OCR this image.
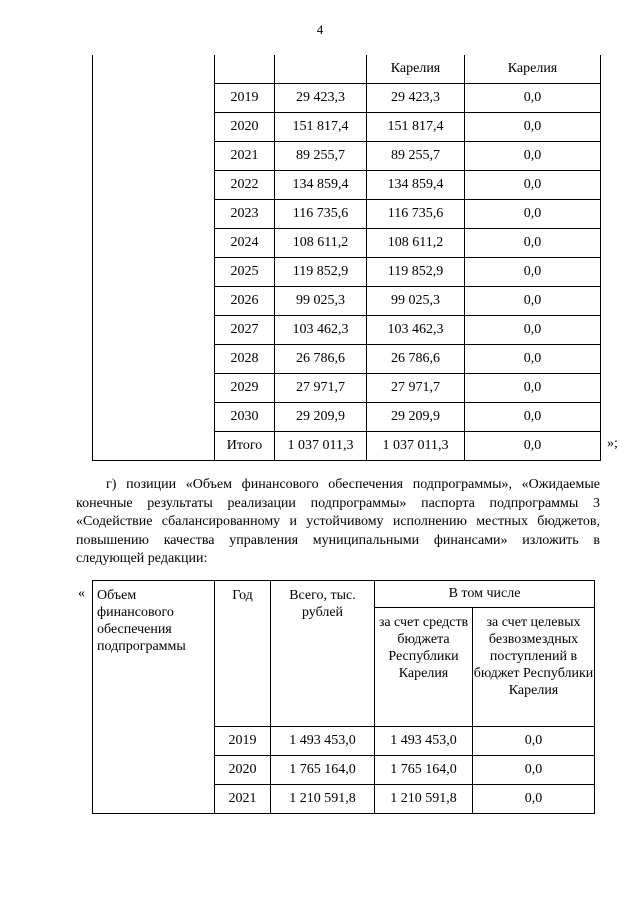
4
			Карелия	Карелия
	2019	29 423,3	29 423,3	0,0
	2020	151 817,4	151 817,4	0,0
	2021	89 255,7	89 255,7	0,0
	2022	134 859,4	134 859,4	0,0
	2023	116 735,6	116 735,6	0,0
	2024	108 611,2	108 611,2	0,0
	2025	119 852,9	119 852,9	0,0
	2026	99 025,3	99 025,3	0,0
	2027	103 462,3	103 462,3	0,0
	2028	26 786,6	26 786,6	0,0
	2029	27 971,7	27 971,7	0,0
	2030	29 209,9	29 209,9	0,0
	Итого	1 037 011,3	1 037 011,3	0,0	»;
г) позиции «Объем финансового обеспечения подпрограммы», «Ожидаемые конечные результаты реализации подпрограммы» паспорта подпрограммы 3 «Содействие сбалансированному и устойчивому исполнению местных бюджетов, повышению качества управления муниципальными финансами» изложить в следующей редакции:
« Объем финансового обеспечения подпрограммы	Год	Всего, тыс. рублей	В том числе	
			за счет средств бюджета Республики Карелия	за счет целевых безвозмездных поступлений в бюджет Республики Карелия
	2019	1 493 453,0	1 493 453,0	0,0
	2020	1 765 164,0	1 765 164,0	0,0
	2021	1 210 591,8	1 210 591,8	0,0
